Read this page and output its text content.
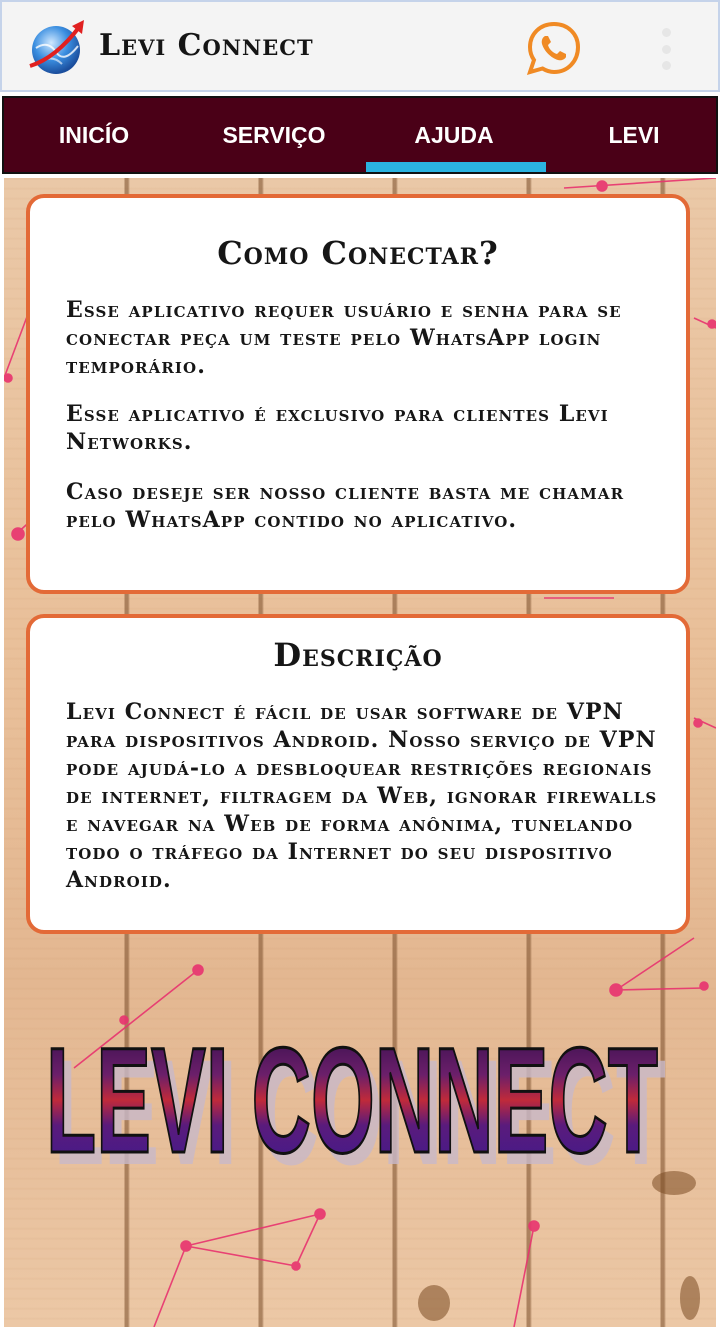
Levi Connect
INICÍO	SERVIÇO	AJUDA	LEVI
Como Conectar?

Esse aplicativo requer usuário e senha para se conectar peça um teste pelo WhatsApp login temporário.

Esse aplicativo é exclusivo para clientes Levi Networks.

Caso deseje ser nosso cliente basta me chamar pelo WhatsApp contido no aplicativo.

Descrição

Levi Connect é fácil de usar software de VPN para dispositivos Android. Nosso serviço de VPN pode ajudá-lo a desbloquear restrições regionais de internet, filtragem da Web, ignorar firewalls e navegar na Web de forma anônima, tunelando todo o tráfego da Internet do seu dispositivo Android.

LEVI CONNECT
LEVI CONNECT
